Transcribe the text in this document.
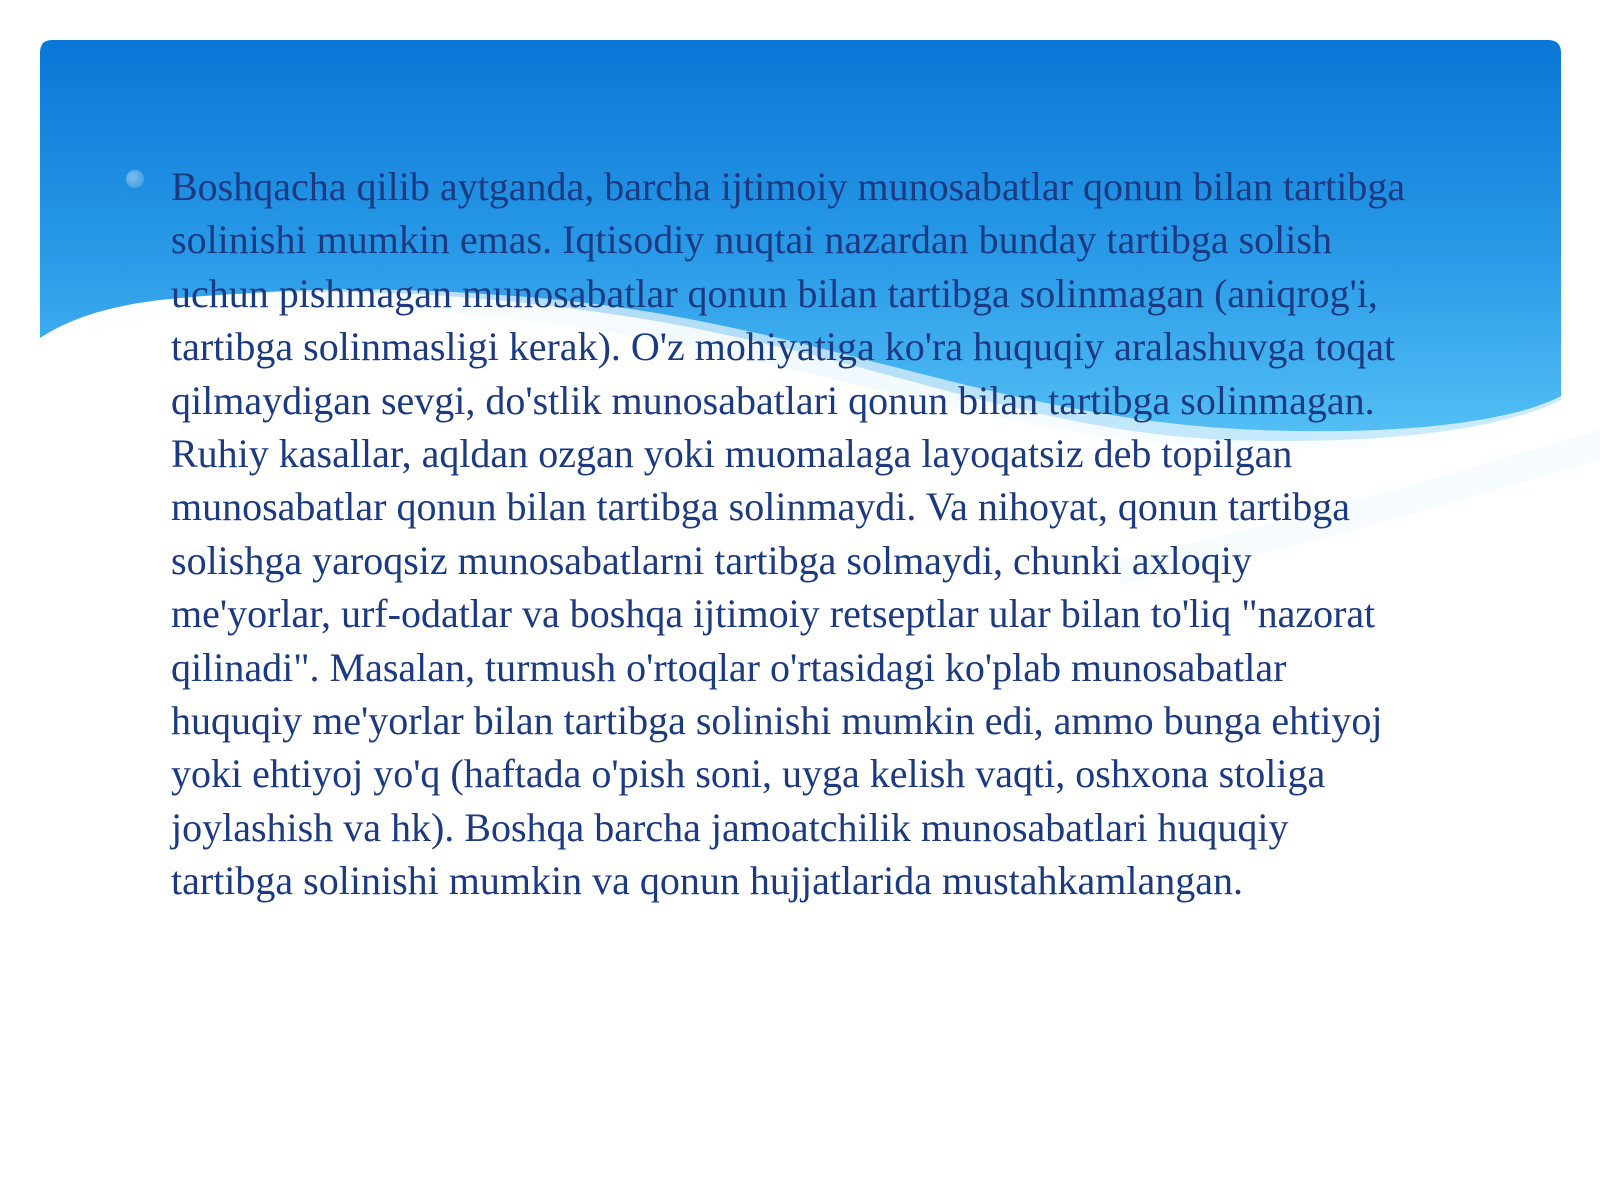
Boshqacha qilib aytganda, barcha ijtimoiy munosabatlar qonun bilan tartibga solinishi mumkin emas. Iqtisodiy nuqtai nazardan bunday tartibga solish uchun pishmagan munosabatlar qonun bilan tartibga solinmagan (aniqrog'i, tartibga solinmasligi kerak). O'z mohiyatiga ko'ra huquqiy aralashuvga toqat qilmaydigan sevgi, do'stlik munosabatlari qonun bilan tartibga solinmagan. Ruhiy kasallar, aqldan ozgan yoki muomalaga layoqatsiz deb topilgan munosabatlar qonun bilan tartibga solinmaydi. Va nihoyat, qonun tartibga solishga yaroqsiz munosabatlarni tartibga solmaydi, chunki axloqiy me'yorlar, urf-odatlar va boshqa ijtimoiy retseptlar ular bilan to'liq "nazorat qilinadi". Masalan, turmush o'rtoqlar o'rtasidagi ko'plab munosabatlar huquqiy me'yorlar bilan tartibga solinishi mumkin edi, ammo bunga ehtiyoj yoki ehtiyoj yo'q (haftada o'pish soni, uyga kelish vaqti, oshxona stoliga joylashish va hk). Boshqa barcha jamoatchilik munosabatlari huquqiy tartibga solinishi mumkin va qonun hujjatlarida mustahkamlangan.
